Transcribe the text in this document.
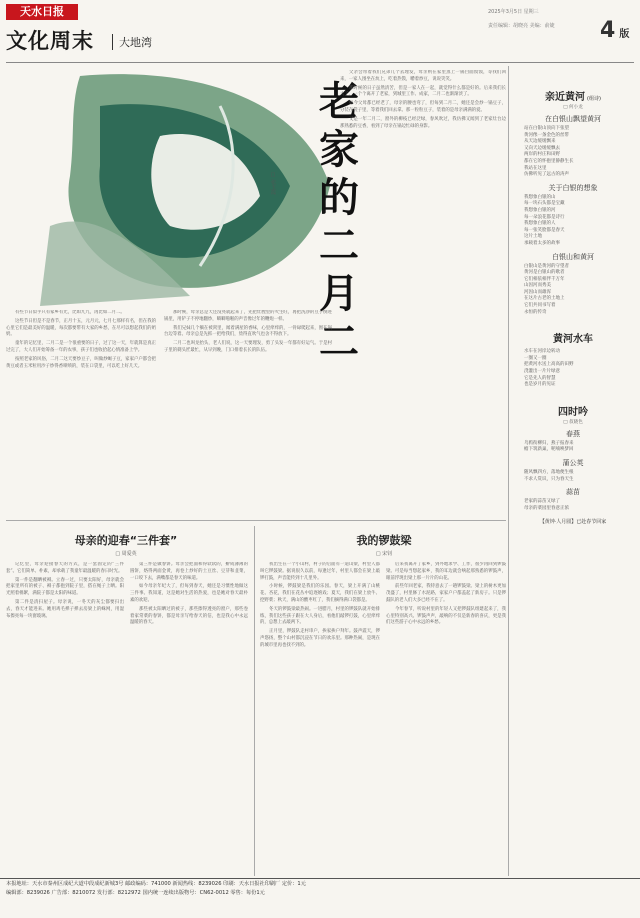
天水日报
文化周末	大地湾
2025年3月5日 星期三
责任编辑：胡晓亮 美编：俞婕 4 版
老家的二月二
□ 张玉霞

有些节日似乎只有家乡有光，比如九九，再比如二月二。

这些节日但是不是春节，正月十五，元月元，七月七那样有名，但在我的心里它们是最美好的温暖，每次都要带有大家的乡愁，在尽可以想起我们的奶奶。

童年的记忆里，二月二是一个很重要的日子，过了这一天，年就算是真正过完了，大人们开始筹备一年的农事，孩子们也收拾起心情准备上学。

按照老家的风俗，二月二这天要炒豆子，叫做炒蝎子豆，家家户户都会把黄豆或者玉米粒用沙子炒得香喷喷的，装在口袋里，可以吃上好几天。

那时候，母亲总是天还没亮就起来了，先把灶膛里的火生旺，再把洗净的豆子倒进锅里，用铲子不停地翻炒，噼噼啪啪的声音像过年的鞭炮一样。

我们兄妹几个躺在被窝里，闻着满屋的香味，心里痒痒的，一骨碌爬起来，围在锅台边等着。母亲总是先抓一把给我们，烫得直吹气也舍不得放下。

二月二也叫龙抬头，老人们说，这一天要理发，剪了头发一年都有好运气。于是村子里的剃头匠最忙，从早到晚，门口排着长长的队伍。

父亲会带着我们兄弟几个去理发，母亲则在家里蒸上一锅白面馍馍，等我们回来，一家人围坐在炕上，吃着热馍，嚼着炒豆，说说笑笑。

那时候的日子虽然清苦，但是一家人在一起，就觉得什么都是好的。后来我们长大了，一个个离开了老家，到城里工作、成家，二月二也渐渐淡了。

如今父母都已经老了，母亲的腰也弯了，但每到二月二，她还是会炒一锅豆子，分装在袋子里，等着我们回去拿。那一粒粒豆子，装着的是母亲满满的爱。

又是一年二月二，窗外的柳枝已经泛绿，春风吹过，我仿佛又闻到了老家灶台边那熟悉的豆香，看到了母亲在锅边忙碌的身影。

母亲的迎春“三件套”
□ 周爱英

记忆里，母亲迎接春天的方式，是一套固定的“三件套”。它们简单、朴素，却承载了我童年最温暖的春日时光。

第一件是翻晒被褥。立春一过，只要太阳好，母亲就会把家里所有的被子、褥子都抱到院子里，搭在绳子上晒。阳光照着棉絮，满院子都是太阳的味道。

第二件是清扫屋子。母亲说，一冬天的灰尘都要扫出去，春天才能进来。她用鸡毛掸子掸去房梁上的蛛网，用湿布擦亮每一块窗玻璃。

第三件是做春饼。母亲会把面和得软软的，擀成薄薄的圆饼，烙得两面金黄，再卷上炒好的土豆丝、豆芽和韭菜，一口咬下去，满嘴都是春天的味道。

如今母亲年纪大了，但每到春天，她还是习惯性地做这三件事。我知道，这是她对生活的热爱，也是她对春天最朴素的欢迎。

那些被太阳晒过的被子，那些擦得透亮的窗户，那些卷着家常菜的春饼，都是母亲写给春天的信，也是我心中永远温暖的春天。

我的锣鼓梁
□ 宋钊

我出生在一个小山村，村子的后面有一道山梁，村里人都叫它锣鼓梁。据说很久以前，每逢过年，村里人都会在梁上敲锣打鼓，声音能传到十几里外。

小时候，锣鼓梁是我们的乐园。春天，梁上开满了山桃花、杏花，我们在花丛中追逐嬉戏；夏天，我们在梁上放牛、挖野菜；秋天，满山的酸枣红了，我们摘得满口袋都是。

冬天的锣鼓梁最热闹。一进腊月，村里的锣鼓队就开始排练，我们这些孩子跟在大人身后，看他们敲锣打鼓，心里痒痒的，总想上去敲两下。

正月里，锣鼓队走村串户，挨家挨户拜年。鼓声震天，锣声悠扬，整个山村都沉浸在节日的欢乐里。那种热闹，是现在的城市里再也找不到的。

后来我离开了家乡，到外地求学、工作，很少再回到锣鼓梁。可是每当想起家乡，我的耳边就会响起那熟悉的锣鼓声，眼前浮现出梁上那一片片的山花。

前些年回老家，我特意去了一趟锣鼓梁。梁上的树木更加茂盛了，村里修了水泥路，家家户户都盖起了新房子。只是锣鼓队的老人们大多已经不在了。

今年春节，听说村里的年轻人又把锣鼓队组建起来了，我心里特别高兴。锣鼓声声，敲响的不仅是新春的喜庆，更是我们这些游子心中永远的乡愁。

亲近黄河 (组诗)
□ 何小龙
在白银山飘望黄河
站在白银山顶向下张望
黄河像一条金色的丝带
从天边缓缓飘来
又向天边缓缓飘去
两岸的村庄和田野
都在它的怀抱里静静生长
我站在这里
仿佛听见了远古的涛声
关于白银的想象
我想象白银的山
每一块石头都是宝藏
我想象白银的河
每一朵浪花都是诗行
我想象白银的人
每一张笑脸都是春天
这片土地
承载着太多的故事
白银山和黄河
白银山是黄河的守望者
黄河是白银山的歌者
它们相依相伴千万年
山因河而秀美
河因山而雄浑
在这片古老的土地上
它们共同书写着
永恒的传奇
黄河水车
水车在河岸边转动
一圈又一圈
把黄河水送上高高的田野
浇灌出一片片绿意
它是先人的智慧
也是岁月的见证
四时吟
□ 叔晓色
春燕
乌鸦衔柳归，燕子报春来
檐下筑新巢，呢喃唤梦回
蒲公英
随风飘四方，落地便生根
不求人赏识，只为春天生
蒜苗
老家的蒜苗又绿了
母亲的菜园里春意正浓
【黄钟·人月圆】已赴春节回家
本报地址：天水市秦州区成纪大道中段成纪新城3号 邮政编码：741000 新闻热线：8239026 印刷：天水日报社印刷厂 定价：1元
编辑部：8239026 广告部：8210072 发行部：8212972 国内统一连续出版物号：CN62-0012 零售：每份1元
